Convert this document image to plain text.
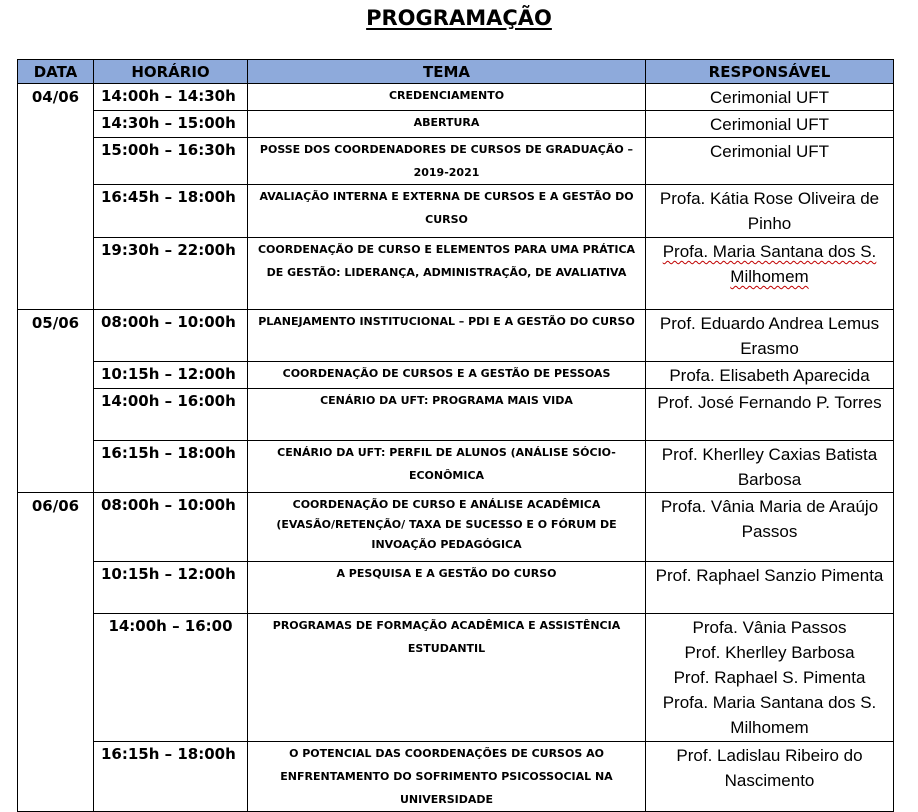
PROGRAMAÇÃO
DATA	HORÁRIO	TEMA	RESPONSÁVEL
04/06	14:00h – 14:30h	CREDENCIAMENTO	Cerimonial UFT
	14:30h – 15:00h	ABERTURA	Cerimonial UFT
	15:00h – 16:30h	POSSE DOS COORDENADORES DE CURSOS DE GRADUAÇÃO – 2019-2021	Cerimonial UFT
	16:45h – 18:00h	AVALIAÇÃO INTERNA E EXTERNA DE CURSOS E A GESTÃO DO CURSO	Profa. Kátia Rose Oliveira de Pinho
	19:30h – 22:00h	COORDENAÇÃO DE CURSO E ELEMENTOS PARA UMA PRÁTICA DE GESTÃO: LIDERANÇA, ADMINISTRAÇÃO, DE AVALIATIVA	Profa. Maria Santana dos S. Milhomem
05/06	08:00h – 10:00h	PLANEJAMENTO INSTITUCIONAL – PDI E A GESTÃO DO CURSO	Prof. Eduardo Andrea Lemus Erasmo
	10:15h – 12:00h	COORDENAÇÃO DE CURSOS E A GESTÃO DE PESSOAS	Profa. Elisabeth Aparecida
	14:00h – 16:00h	CENÁRIO DA UFT: PROGRAMA MAIS VIDA	Prof. José Fernando P. Torres
	16:15h – 18:00h	CENÁRIO DA UFT: PERFIL DE ALUNOS (ANÁLISE SÓCIO-ECONÔMICA	Prof. Kherlley Caxias Batista Barbosa
06/06	08:00h – 10:00h	COORDENAÇÃO DE CURSO E ANÁLISE ACADÊMICA (EVASÃO/RETENÇÃO/ TAXA DE SUCESSO E O FÓRUM DE INVOAÇÃO PEDAGÓGICA	Profa. Vânia Maria de Araújo Passos
	10:15h – 12:00h	A PESQUISA E A GESTÃO DO CURSO	Prof. Raphael Sanzio Pimenta
	14:00h – 16:00	PROGRAMAS DE FORMAÇÃO ACADÊMICA E ASSISTÊNCIA ESTUDANTIL	Profa. Vânia Passos
Prof. Kherlley Barbosa
Prof. Raphael S. Pimenta
Profa. Maria Santana dos S. Milhomem

	16:15h – 18:00h	O POTENCIAL DAS COORDENAÇÕES DE CURSOS AO ENFRENTAMENTO DO SOFRIMENTO PSICOSSOCIAL NA UNIVERSIDADE	Prof. Ladislau Ribeiro do Nascimento
